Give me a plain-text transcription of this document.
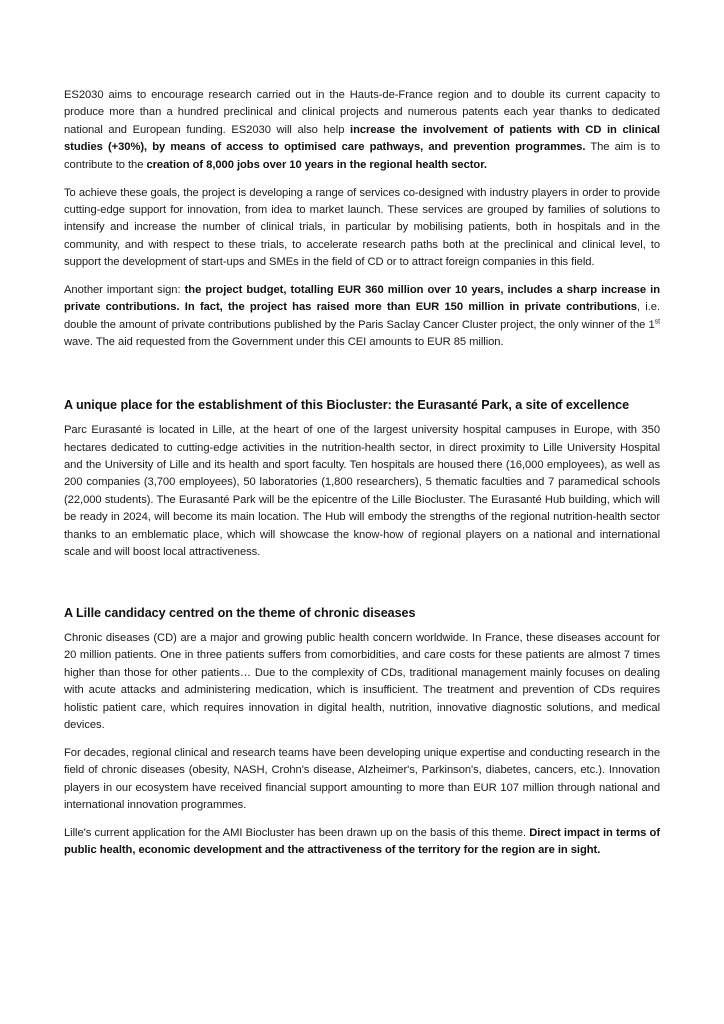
ES2030 aims to encourage research carried out in the Hauts-de-France region and to double its current capacity to produce more than a hundred preclinical and clinical projects and numerous patents each year thanks to dedicated national and European funding. ES2030 will also help increase the involvement of patients with CD in clinical studies (+30%), by means of access to optimised care pathways, and prevention programmes. The aim is to contribute to the creation of 8,000 jobs over 10 years in the regional health sector.

To achieve these goals, the project is developing a range of services co-designed with industry players in order to provide cutting-edge support for innovation, from idea to market launch. These services are grouped by families of solutions to intensify and increase the number of clinical trials, in particular by mobilising patients, both in hospitals and in the community, and with respect to these trials, to accelerate research paths both at the preclinical and clinical level, to support the development of start-ups and SMEs in the field of CD or to attract foreign companies in this field.

Another important sign: the project budget, totalling EUR 360 million over 10 years, includes a sharp increase in private contributions. In fact, the project has raised more than EUR 150 million in private contributions, i.e. double the amount of private contributions published by the Paris Saclay Cancer Cluster project, the only winner of the 1st wave. The aid requested from the Government under this CEI amounts to EUR 85 million.

A unique place for the establishment of this Biocluster: the Eurasanté Park, a site of excellence

Parc Eurasanté is located in Lille, at the heart of one of the largest university hospital campuses in Europe, with 350 hectares dedicated to cutting-edge activities in the nutrition-health sector, in direct proximity to Lille University Hospital and the University of Lille and its health and sport faculty. Ten hospitals are housed there (16,000 employees), as well as 200 companies (3,700 employees), 50 laboratories (1,800 researchers), 5 thematic faculties and 7 paramedical schools (22,000 students). The Eurasanté Park will be the epicentre of the Lille Biocluster. The Eurasanté Hub building, which will be ready in 2024, will become its main location. The Hub will embody the strengths of the regional nutrition-health sector thanks to an emblematic place, which will showcase the know-how of regional players on a national and international scale and will boost local attractiveness.

A Lille candidacy centred on the theme of chronic diseases

Chronic diseases (CD) are a major and growing public health concern worldwide. In France, these diseases account for 20 million patients. One in three patients suffers from comorbidities, and care costs for these patients are almost 7 times higher than those for other patients… Due to the complexity of CDs, traditional management mainly focuses on dealing with acute attacks and administering medication, which is insufficient. The treatment and prevention of CDs requires holistic patient care, which requires innovation in digital health, nutrition, innovative diagnostic solutions, and medical devices.

For decades, regional clinical and research teams have been developing unique expertise and conducting research in the field of chronic diseases (obesity, NASH, Crohn's disease, Alzheimer's, Parkinson's, diabetes, cancers, etc.). Innovation players in our ecosystem have received financial support amounting to more than EUR 107 million through national and international innovation programmes.

Lille's current application for the AMI Biocluster has been drawn up on the basis of this theme. Direct impact in terms of public health, economic development and the attractiveness of the territory for the region are in sight.
